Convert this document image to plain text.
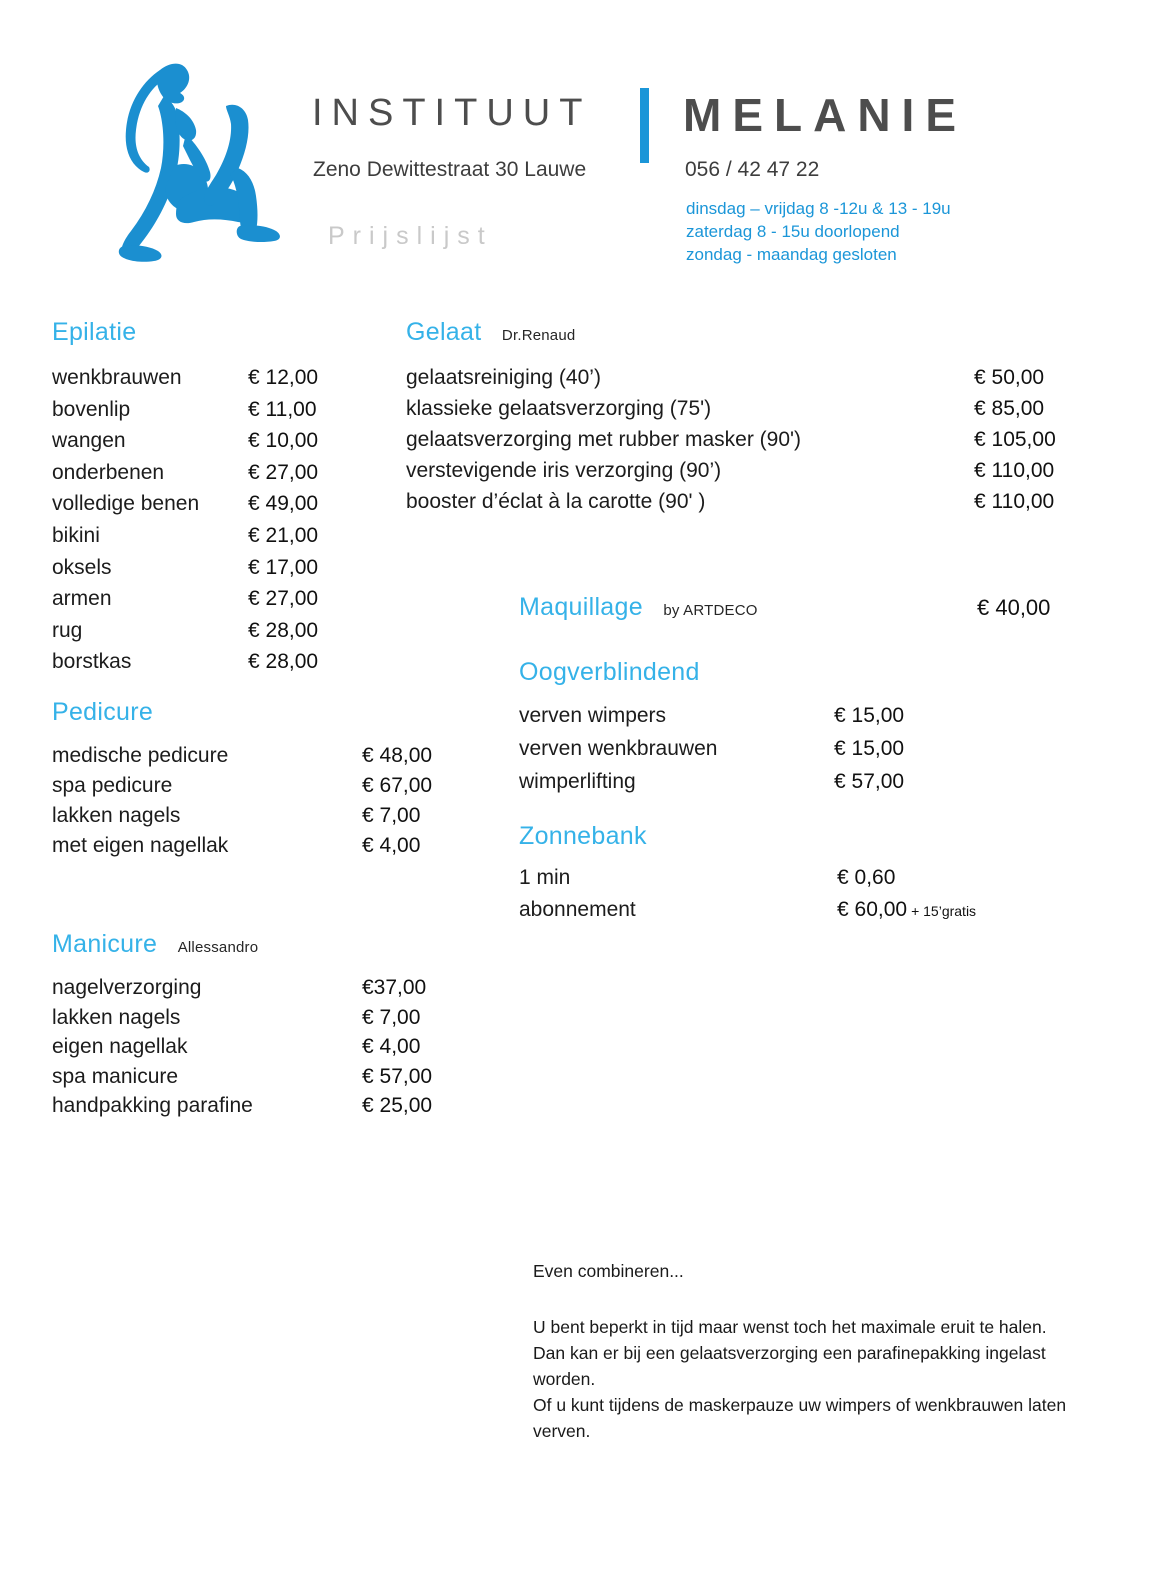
INSTITUUT
Zeno Dewittestraat 30 Lauwe
Prijslijst
MELANIE
056 / 42 47 22
dinsdag – vrijdag 8 -12u & 13 - 19u
zaterdag 8 - 15u doorlopend
zondag - maandag gesloten
Epilatie
wenkbrauwen	€ 12,00
bovenlip	€ 11,00
wangen	€ 10,00
onderbenen	€ 27,00
volledige benen € 49,00
bikini	€ 21,00
oksels	€ 17,00
armen	€ 27,00
rug	€ 28,00
borstkas	€ 28,00
Pedicure
medische pedicure	€ 48,00
spa pedicure	€ 67,00
lakken nagels	€ 7,00
met eigen nagellak	€ 4,00
Manicure Allessandro
nagelverzorging	€37,00
lakken nagels	€ 7,00
eigen nagellak	€ 4,00
spa manicure	€ 57,00
handpakking parafine	€ 25,00
Gelaat Dr.Renaud
gelaatsreiniging (40’)	€ 50,00
klassieke gelaatsverzorging (75')	€ 85,00
gelaatsverzorging met rubber masker (90')	€ 105,00
verstevigende iris verzorging (90’)	€ 110,00
booster d’éclat à la carotte (90' )	€ 110,00
Maquillage by ARTDECO	€ 40,00
Oogverblindend
verven wimpers	€ 15,00
verven wenkbrauwen	€ 15,00
wimperlifting	€ 57,00
Zonnebank
1 min	€ 0,60
abonnement	€ 60,00 + 15’gratis

Even combineren...

U bent beperkt in tijd maar wenst toch het maximale eruit te halen.

Dan kan er bij een gelaatsverzorging een parafinepakking ingelast

worden.

Of u kunt tijdens de maskerpauze uw wimpers of wenkbrauwen laten

verven.
